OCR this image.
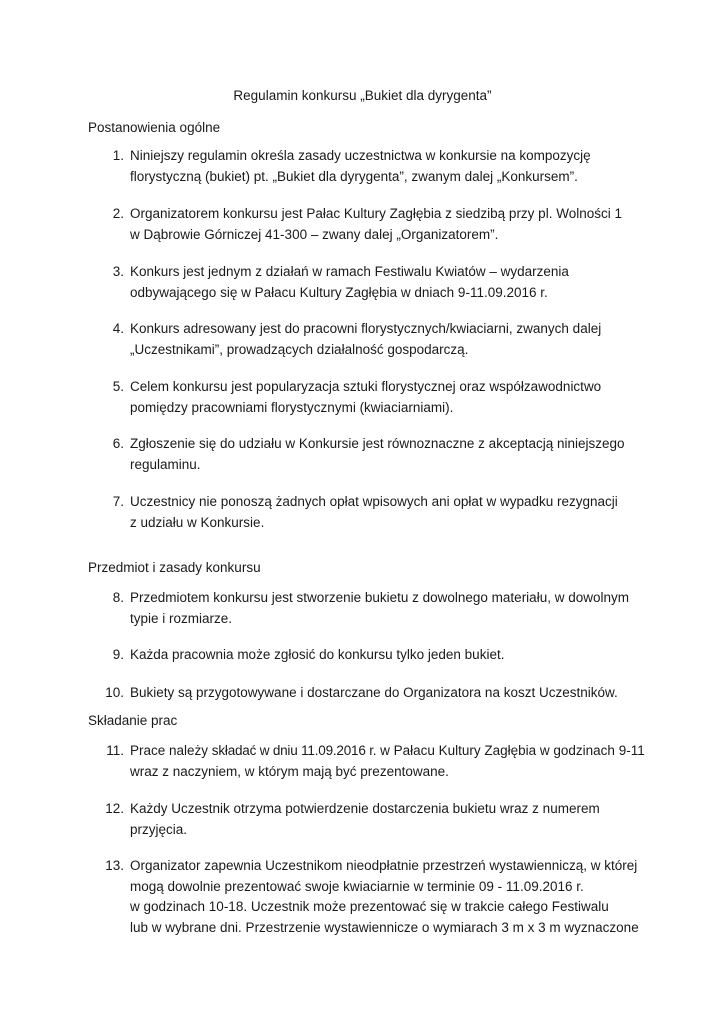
Regulamin konkursu „Bukiet dla dyrygenta”
Postanowienia ogólne
1. Niniejszy regulamin określa zasady uczestnictwa w konkursie na kompozycję
florystyczną (bukiet) pt. „Bukiet dla dyrygenta”, zwanym dalej „Konkursem”.
2. Organizatorem konkursu jest Pałac Kultury Zagłębia z siedzibą przy pl. Wolności 1
w Dąbrowie Górniczej 41-300 – zwany dalej „Organizatorem”.
3. Konkurs jest jednym z działań w ramach Festiwalu Kwiatów – wydarzenia
odbywającego się w Pałacu Kultury Zagłębia w dniach 9-11.09.2016 r.
4. Konkurs adresowany jest do pracowni florystycznych/kwiaciarni, zwanych dalej
„Uczestnikami”, prowadzących działalność gospodarczą.
5. Celem konkursu jest popularyzacja sztuki florystycznej oraz współzawodnictwo
pomiędzy pracowniami florystycznymi (kwiaciarniami).
6. Zgłoszenie się do udziału w Konkursie jest równoznaczne z akceptacją niniejszego
regulaminu.
7. Uczestnicy nie ponoszą żadnych opłat wpisowych ani opłat w wypadku rezygnacji
z udziału w Konkursie.
Przedmiot i zasady konkursu
8. Przedmiotem konkursu jest stworzenie bukietu z dowolnego materiału, w dowolnym
typie i rozmiarze.
9. Każda pracownia może zgłosić do konkursu tylko jeden bukiet.
10. Bukiety są przygotowywane i dostarczane do Organizatora na koszt Uczestników.
Składanie prac
11. Prace należy składać w dniu 11.09.2016 r. w Pałacu Kultury Zagłębia w godzinach 9-11
wraz z naczyniem, w którym mają być prezentowane.
12. Każdy Uczestnik otrzyma potwierdzenie dostarczenia bukietu wraz z numerem
przyjęcia.
13. Organizator zapewnia Uczestnikom nieodpłatnie przestrzeń wystawienniczą, w której
mogą dowolnie prezentować swoje kwiaciarnie w terminie 09 - 11.09.2016 r.
w godzinach 10-18. Uczestnik może prezentować się w trakcie całego Festiwalu
lub w wybrane dni. Przestrzenie wystawiennicze o wymiarach 3 m x 3 m wyznaczone
